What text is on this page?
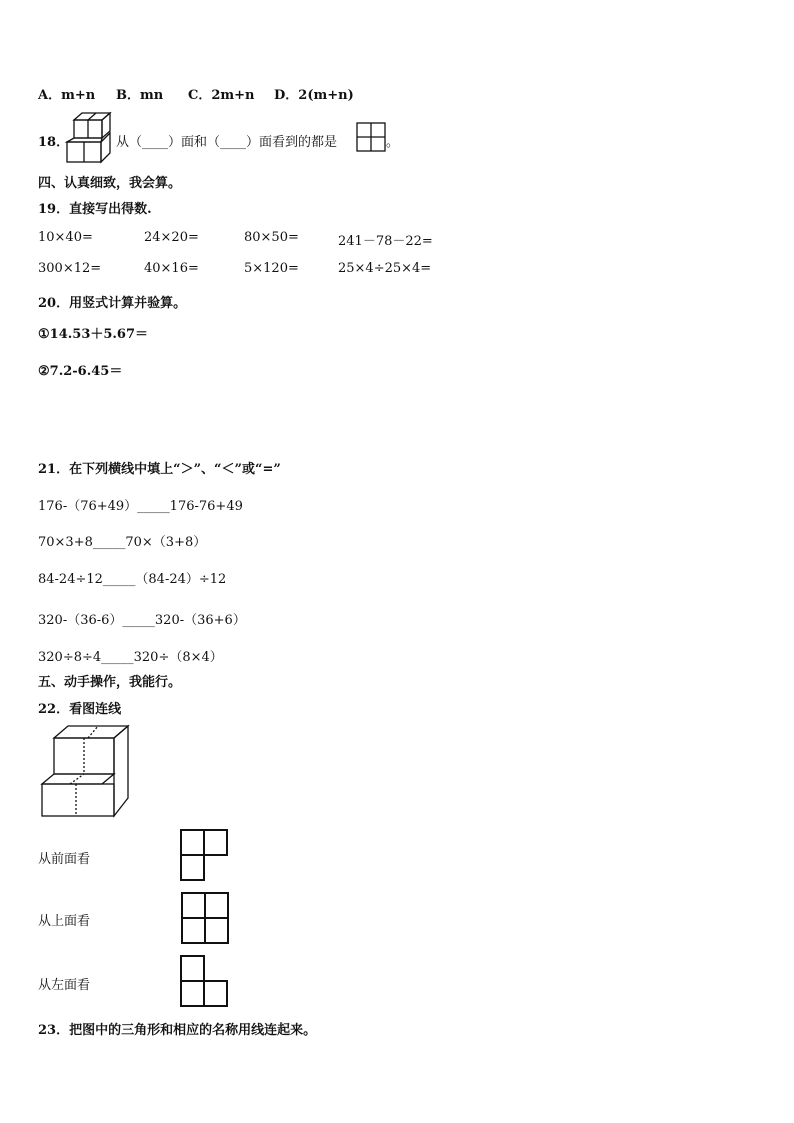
A．m+n B．mn C．2m+n D．2(m+n)
18．	从（____）面和（____）面看到的都是	。
四、认真细致，我会算。
19．直接写出得数.
10×40=	24×20=	80×50=	241－78－22=
300×12=	40×16=	5×120=	25×4÷25×4=
20．用竖式计算并验算。
①14.53＋5.67＝
②7.2-6.45＝
21．在下列横线中填上“＞”、“＜”或“=”
176-（76+49）_____176-76+49
70×3+8_____70×（3+8）
84-24÷12_____（84-24）÷12
320-（36-6）_____320-（36+6）
320÷8÷4_____320÷（8×4）
五、动手操作，我能行。
22．看图连线
从前面看
从上面看
从左面看
23．把图中的三角形和相应的名称用线连起来。
